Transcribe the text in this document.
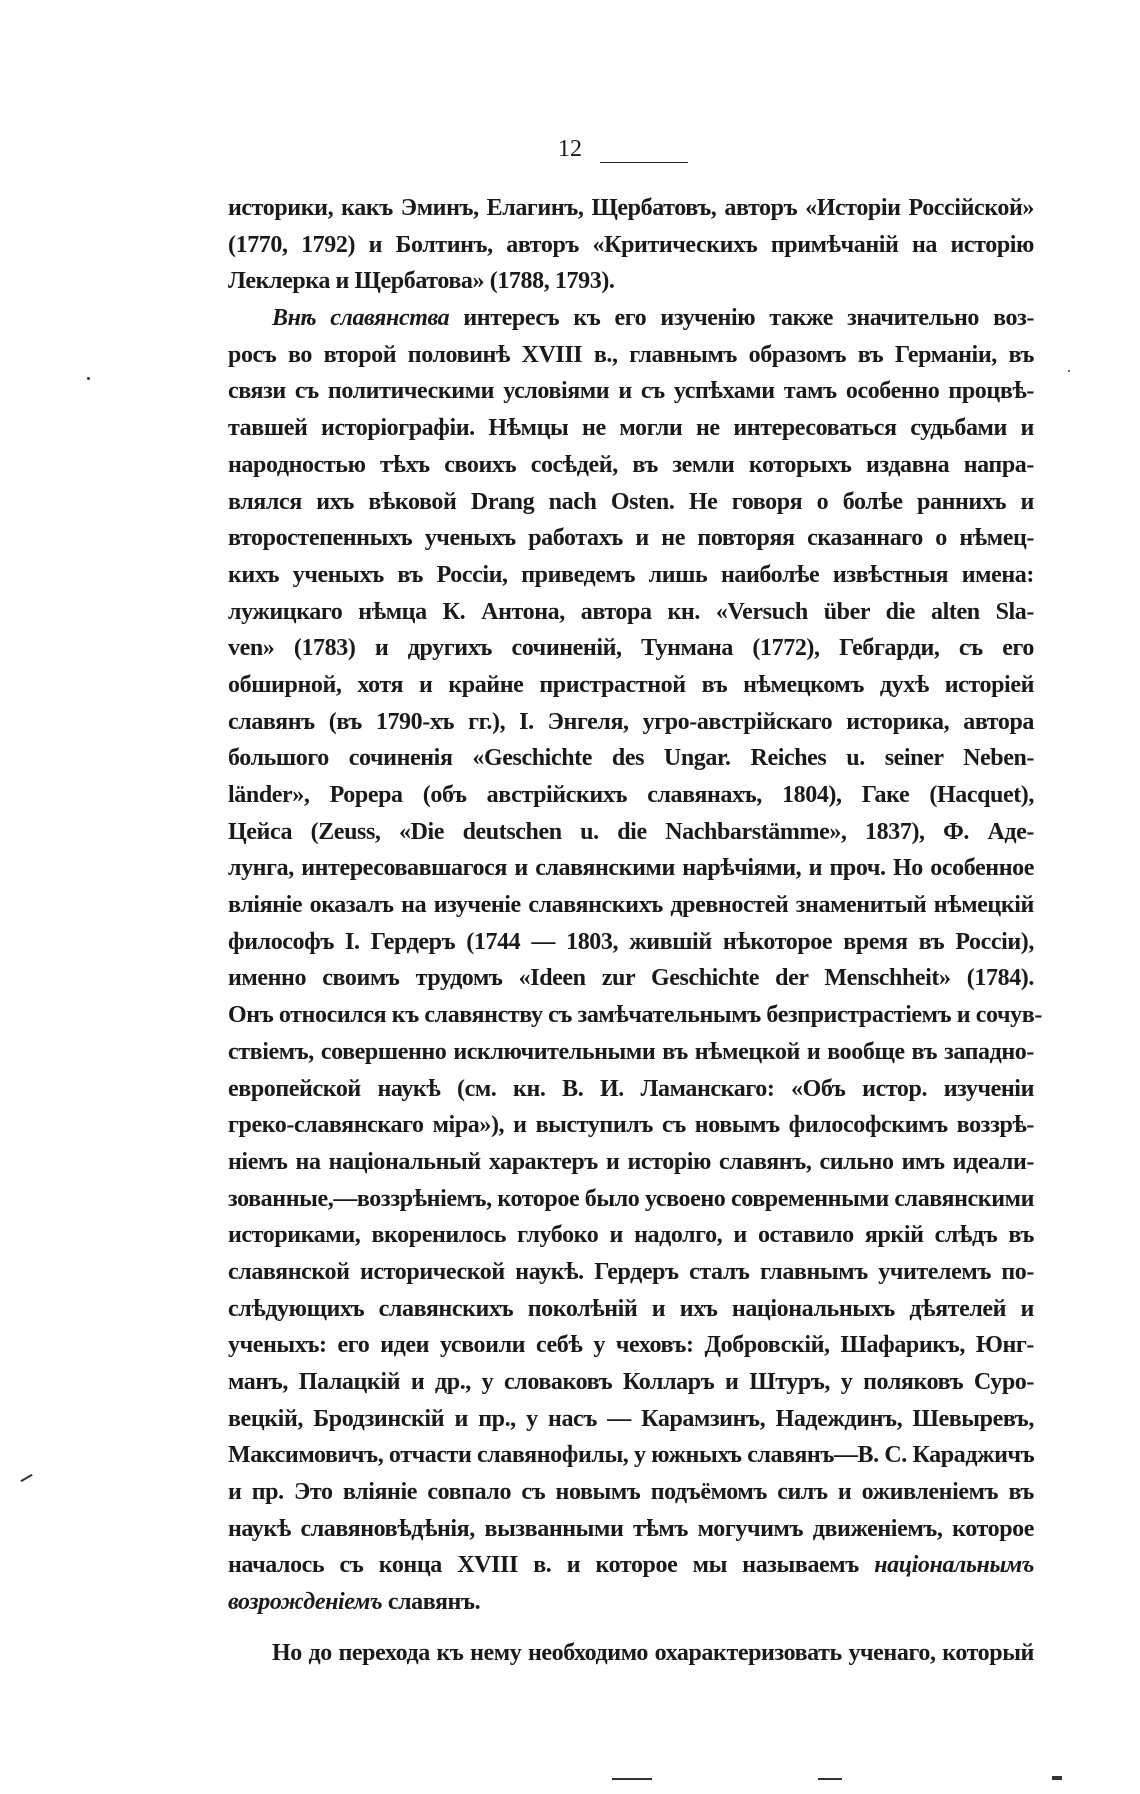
12
историки, какъ Эминъ, Елагинъ, Щербатовъ, авторъ «Исторіи Россійской»
(1770, 1792) и Болтинъ, авторъ «Критическихъ примѣчаній на исторію
Леклерка и Щербатова» (1788, 1793).
Внѣ славянства интересъ къ его изученію также значительно воз-
росъ во второй половинѣ XVIII в., главнымъ образомъ въ Германіи, въ
связи съ политическими условіями и съ успѣхами тамъ особенно процвѣ-
тавшей исторіографіи. Нѣмцы не могли не интересоваться судьбами и
народностью тѣхъ своихъ сосѣдей, въ земли которыхъ издавна напра-
влялся ихъ вѣковой Drang nach Osten. Не говоря о болѣе раннихъ и
второстепенныхъ ученыхъ работахъ и не повторяя сказаннаго о нѣмец-
кихъ ученыхъ въ Россіи, приведемъ лишь наиболѣе извѣстныя имена:
лужицкаго нѣмца К. Антона, автора кн. «Versuch über die alten Sla-
ven» (1783) и другихъ сочиненій, Тунмана (1772), Гебгарди, съ его
обширной, хотя и крайне пристрастной въ нѣмецкомъ духѣ исторіей
славянъ (въ 1790-хъ гг.), І. Энгеля, угро-австрійскаго историка, автора
большого сочиненія «Geschichte des Ungar. Reiches u. seiner Neben-
länder», Рорера (объ австрійскихъ славянахъ, 1804), Гаке (Hacquet),
Цейса (Zeuss, «Die deutschen u. die Nachbarstämme», 1837), Ф. Аде-
лунга, интересовавшагося и славянскими нарѣчіями, и проч. Но особенное
вліяніе оказалъ на изученіе славянскихъ древностей знаменитый нѣмецкій
философъ І. Гердеръ (1744 — 1803, жившій нѣкоторое время въ Россіи),
именно своимъ трудомъ «Ideen zur Geschichte der Menschheit» (1784).
Онъ относился къ славянству съ замѣчательнымъ безпристрастіемъ и сочув-
ствіемъ, совершенно исключительными въ нѣмецкой и вообще въ западно-
европейской наукѣ (см. кн. В. И. Ламанскаго: «Объ истор. изученіи
греко-славянскаго міра»), и выступилъ съ новымъ философскимъ воззрѣ-
ніемъ на національный характеръ и исторію славянъ, сильно имъ идеали-
зованные,—воззрѣніемъ, которое было усвоено современными славянскими
историками, вкоренилось глубоко и надолго, и оставило яркій слѣдъ въ
славянской исторической наукѣ. Гердеръ сталъ главнымъ учителемъ по-
слѣдующихъ славянскихъ поколѣній и ихъ національныхъ дѣятелей и
ученыхъ: его идеи усвоили себѣ у чеховъ: Добровскій, Шафарикъ, Юнг-
манъ, Палацкій и др., у словаковъ Колларъ и Штуръ, у поляковъ Суро-
вецкій, Бродзинскій и пр., у насъ — Карамзинъ, Надеждинъ, Шевыревъ,
Максимовичъ, отчасти славянофилы, у южныхъ славянъ—В. С. Караджичъ
и пр. Это вліяніе совпало съ новымъ подъёмомъ силъ и оживленіемъ въ
наукѣ славяновѣдѣнія, вызванными тѣмъ могучимъ движеніемъ, которое
началось съ конца XVIII в. и которое мы называемъ національнымъ
возрожденіемъ славянъ.
Но до перехода къ нему необходимо охарактеризовать ученаго, который
